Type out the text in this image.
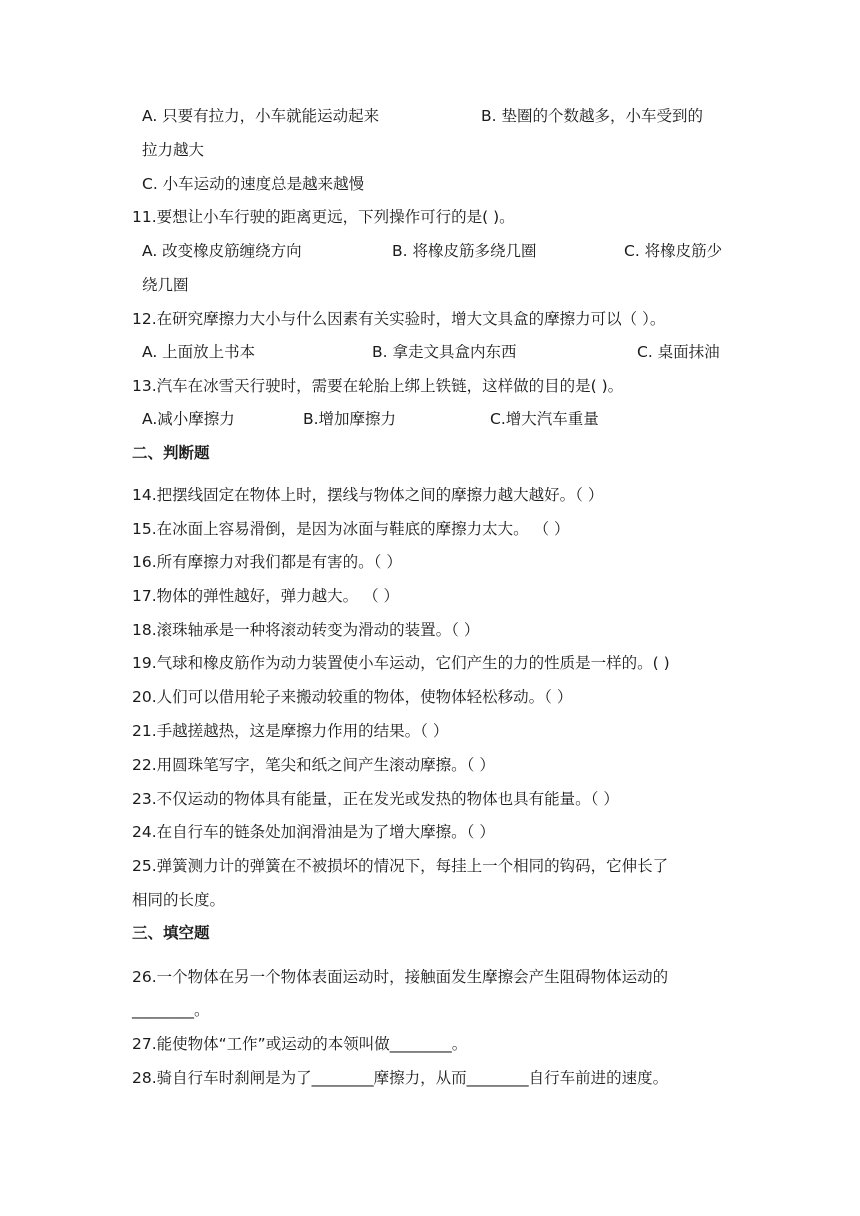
A. 只要有拉力，小车就能运动起来	B. 垫圈的个数越多，小车受到的
拉力越大
C. 小车运动的速度总是越来越慢
11.要想让小车行驶的距离更远，下列操作可行的是( )。
A. 改变橡皮筋缠绕方向	B. 将橡皮筋多绕几圈	C. 将橡皮筋少
绕几圈
12.在研究摩擦力大小与什么因素有关实验时，增大文具盒的摩擦力可以（ ）。
A. 上面放上书本	B. 拿走文具盒内东西	C. 桌面抹油
13.汽车在冰雪天行驶时，需要在轮胎上绑上铁链，这样做的目的是( )。
A.减小摩擦力	B.增加摩擦力	C.增大汽车重量
二、判断题
14.把摆线固定在物体上时，摆线与物体之间的摩擦力越大越好。（ ）
15.在冰面上容易滑倒，是因为冰面与鞋底的摩擦力太大。 （ ）
16.所有摩擦力对我们都是有害的。（ ）
17.物体的弹性越好，弹力越大。 （ ）
18.滚珠轴承是一种将滚动转变为滑动的装置。（ ）
19.气球和橡皮筋作为动力装置使小车运动，它们产生的力的性质是一样的。( )
20.人们可以借用轮子来搬动较重的物体，使物体轻松移动。（ ）
21.手越搓越热，这是摩擦力作用的结果。（ ）
22.用圆珠笔写字，笔尖和纸之间产生滚动摩擦。（ ）
23.不仅运动的物体具有能量，正在发光或发热的物体也具有能量。（ ）
24.在自行车的链条处加润滑油是为了增大摩擦。（ ）
25.弹簧测力计的弹簧在不被损坏的情况下，每挂上一个相同的钩码，它伸长了
相同的长度。
三、填空题
26.一个物体在另一个物体表面运动时，接触面发生摩擦会产生阻碍物体运动的
________。
27.能使物体“工作”或运动的本领叫做________。
28.骑自行车时刹闸是为了________摩擦力，从而________自行车前进的速度。
